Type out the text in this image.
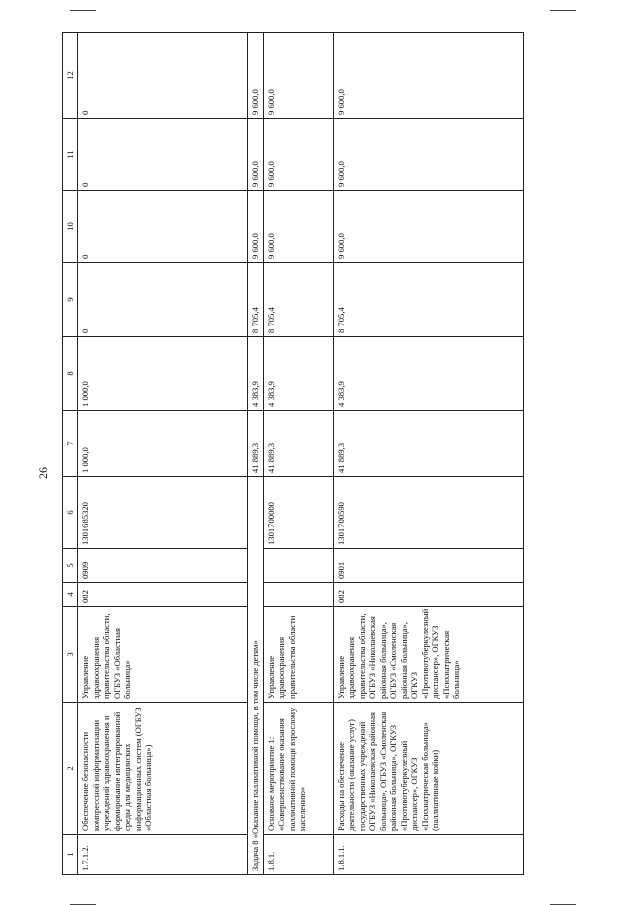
26
1	2	3	4	5	6	7	8	9	10	11	12
1.7.1.2.	Обеспечение безопасности компрессной информатизации учреждений здравоохранения и формирование интегрированной среды для медицинских информационных систем (ОГБУЗ «Областная больница»)	Управление здравоохранения правительства области, ОГБУЗ «Областная больница»	002	0909	1301685320	1 000,0	1 000,0	0	0	0	0
Задача 8 «Оказание паллиативной помощи, в том числе детям»						41 889,3	4 383,9	8 705,4	9 600,0	9 600,0	9 600,0
1.8.1.	Основное мероприятие 1: «Совершенствование оказания паллиативной помощи взрослому населению»	Управление здравоохранения правительства области			1301700000	41 889,3	4 383,9	8 705,4	9 600,0	9 600,0	9 600,0
1.8.1.1.	Расходы на обеспечение деятельности (оказание услуг) государственных учреждений ОГБУЗ «Николаевская районная больница», ОГБУЗ «Смоленская районная больница», ОГКУЗ «Противотуберкулезный диспансер», ОГКУЗ «Психиатрическая больница» (паллиативные койки)	Управление здравоохранения правительства области, ОГБУЗ «Николаевская районная больница», ОГБУЗ «Смоленская районная больница», ОГКУЗ «Противотуберкулезный диспансер», ОГКУЗ «Психиатрическая больница»	002	0901	1301700590	41 889,3	4 383,9	8 705,4	9 600,0	9 600,0	9 600,0
